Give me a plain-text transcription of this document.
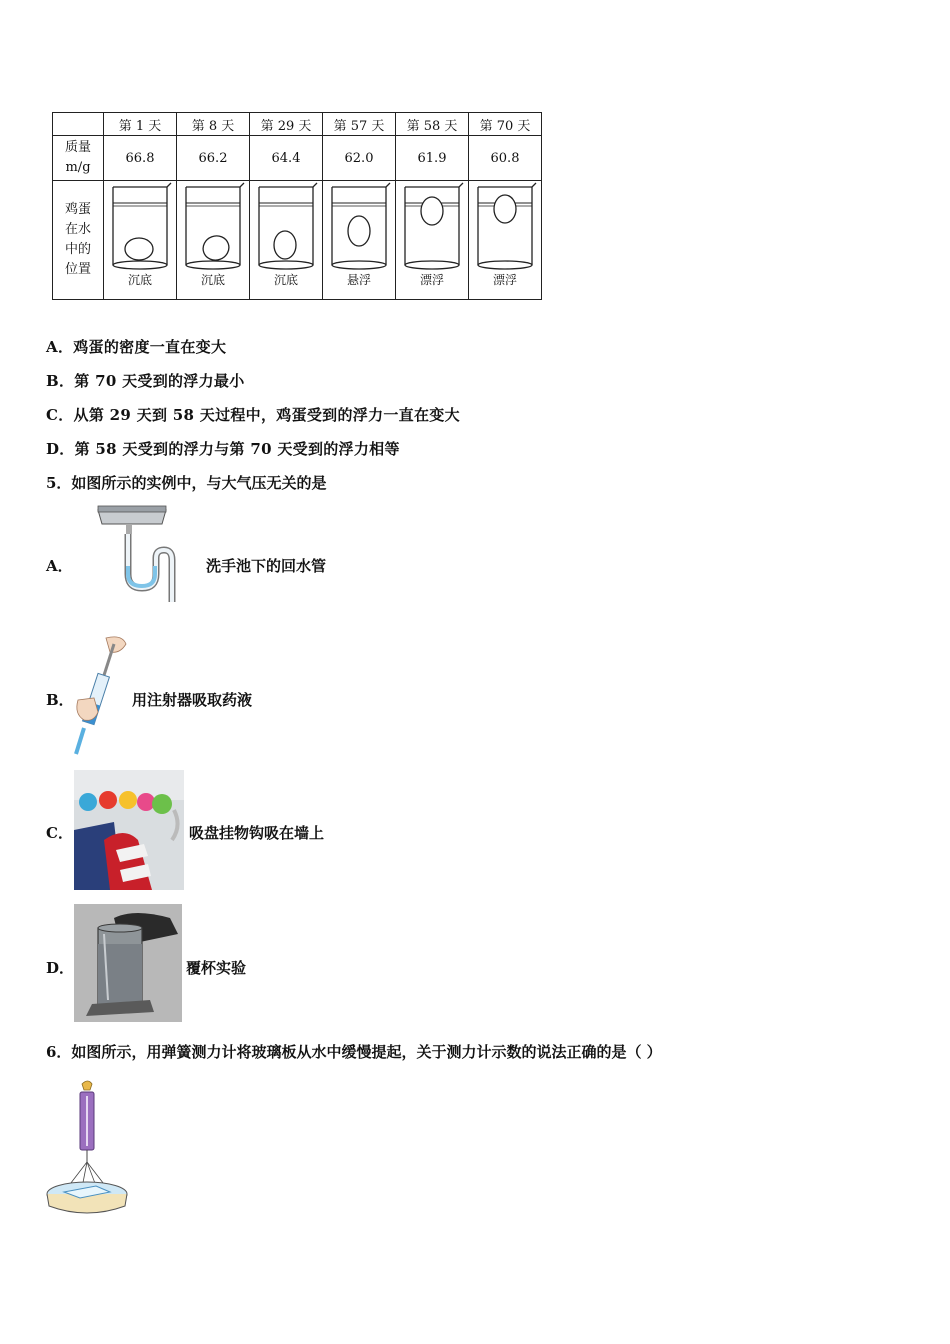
	第 1 天	第 8 天	第 29 天	第 57 天	第 58 天	第 70 天
质量
m/g	66.8	66.2	64.4	62.0	61.9	60.8
鸡蛋
在水
中的
位置	沉底	沉底	沉底	悬浮	漂浮	漂浮
A．鸡蛋的密度一直在变大
B．第 70 天受到的浮力最小
C．从第 29 天到 58 天过程中，鸡蛋受到的浮力一直在变大
D．第 58 天受到的浮力与第 70 天受到的浮力相等
5．如图所示的实例中，与大气压无关的是
A．	洗手池下的回水管
B．	用注射器吸取药液
C．	吸盘挂物钩吸在墙上
D．	覆杯实验
6．如图所示，用弹簧测力计将玻璃板从水中缓慢提起，关于测力计示数的说法正确的是（ ）
